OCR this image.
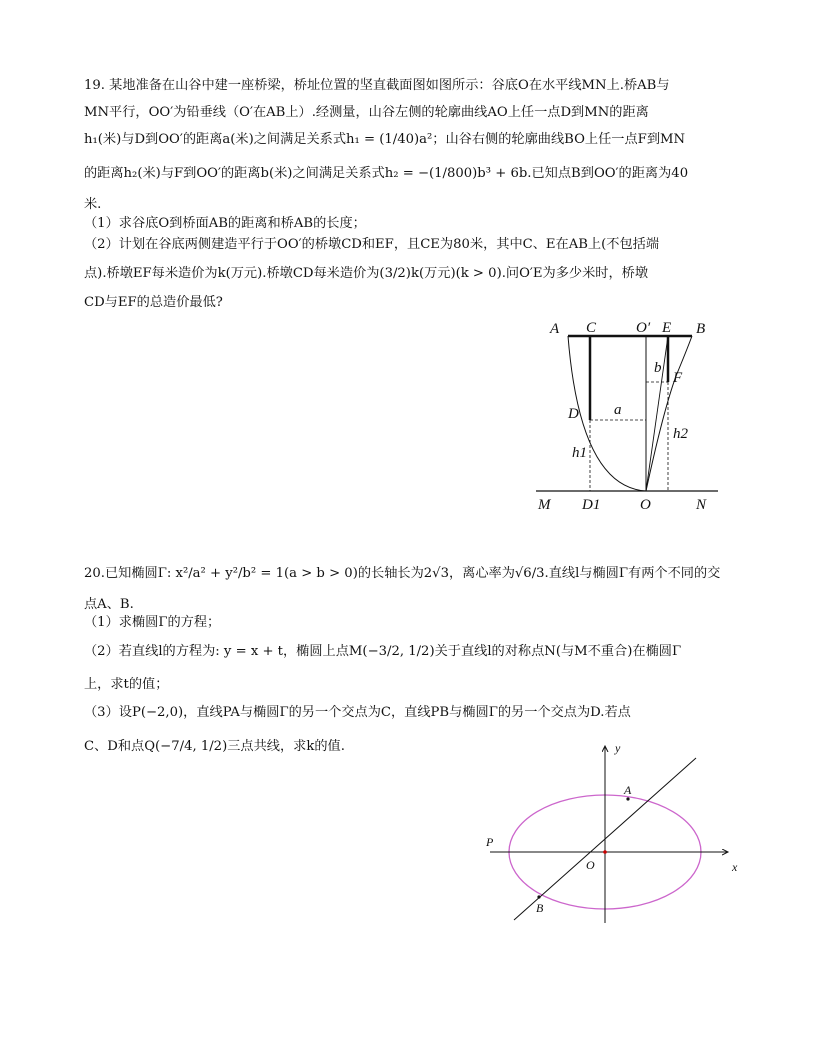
19. 某地准备在山谷中建一座桥梁，桥址位置的坚直截面图如图所示：谷底O在水平线MN上.桥AB与
MN平行，OO′为铅垂线（O′在AB上）.经测量，山谷左侧的轮廓曲线AO上任一点D到MN的距离
h₁(米)与D到OO′的距离a(米)之间满足关系式h₁ = (1/40)a²；山谷右侧的轮廓曲线BO上任一点F到MN
的距离h₂(米)与F到OO′的距离b(米)之间满足关系式h₂ = −(1/800)b³ + 6b.已知点B到OO′的距离为40
米.
（1）求谷底O到桥面AB的距离和桥AB的长度；
（2）计划在谷底两侧建造平行于OO′的桥墩CD和EF，且CE为80米，其中C、E在AB上(不包括端
点).桥墩EF每米造价为k(万元).桥墩CD每米造价为(3/2)k(万元)(k > 0).问O′E为多少米时，桥墩
CD与EF的总造价最低?
A C	O′ E B
b
F
D a
h1
h2
M D1	O	N
20.已知椭圆Γ: x²/a² + y²/b² = 1(a > b > 0)的长轴长为2√3，离心率为√6/3.直线l与椭圆Γ有两个不同的交
点A、B.
（1）求椭圆Γ的方程；
（2）若直线l的方程为: y = x + t，椭圆上点M(−3/2, 1/2)关于直线l的对称点N(与M不重合)在椭圆Γ
上，求t的值；
（3）设P(−2,0)，直线PA与椭圆Γ的另一个交点为C，直线PB与椭圆Γ的另一个交点为D.若点
C、D和点Q(−7/4, 1/2)三点共线，求k的值.	y
x
A
B
P
O
